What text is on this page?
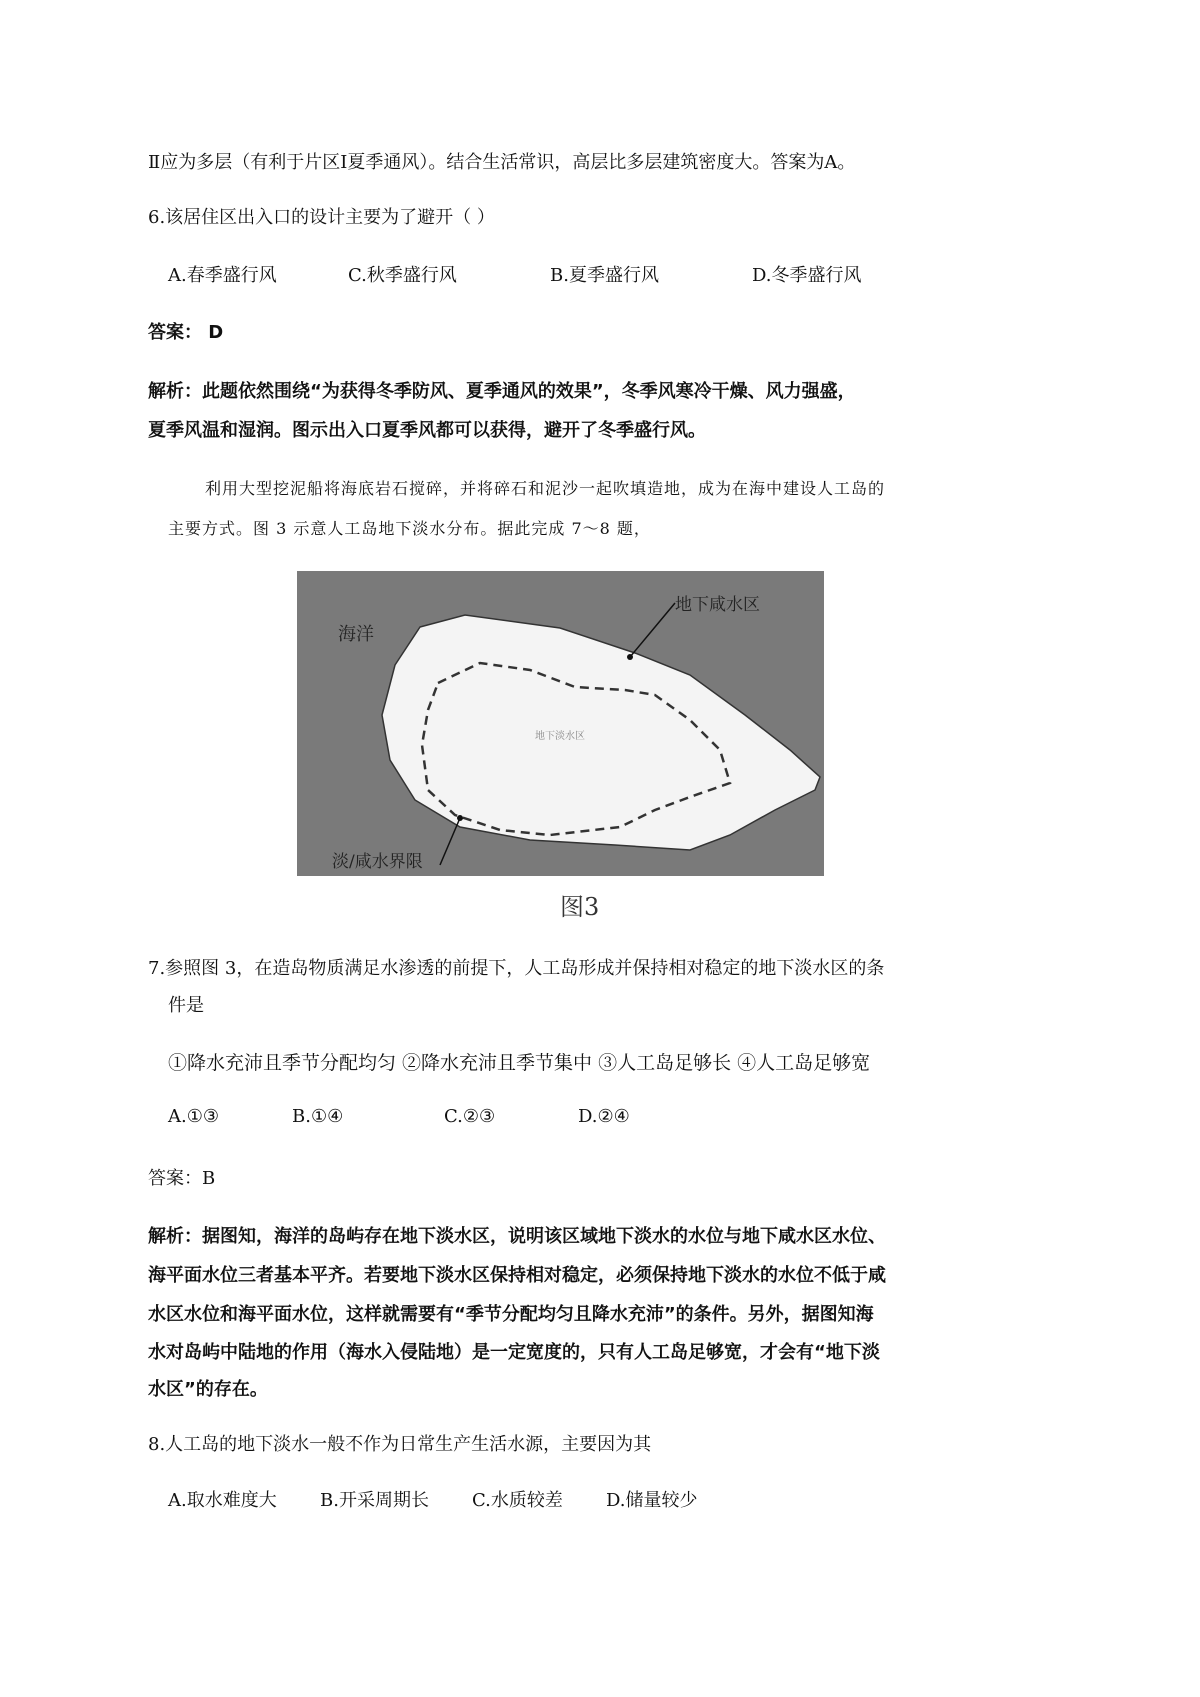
Ⅱ应为多层（有利于片区Ⅰ夏季通风）。结合生活常识，高层比多层建筑密度大。答案为A。
6.该居住区出入口的设计主要为了避开（ ）
A.春季盛行风	C.秋季盛行风	B.夏季盛行风	D.冬季盛行风
答案： D
解析：此题依然围绕“为获得冬季防风、夏季通风的效果”，冬季风寒冷干燥、风力强盛，
夏季风温和湿润。图示出入口夏季风都可以获得，避开了冬季盛行风。
利用大型挖泥船将海底岩石搅碎，并将碎石和泥沙一起吹填造地，成为在海中建设人工岛的
主要方式。图 3 示意人工岛地下淡水分布。据此完成 7～8 题，
海洋
地下咸水区
地下淡水区
淡/咸水界限
图3
7.参照图 3，在造岛物质满足水渗透的前提下，人工岛形成并保持相对稳定的地下淡水区的条
件是
①降水充沛且季节分配均匀 ②降水充沛且季节集中 ③人工岛足够长 ④人工岛足够宽
A.①③	B.①④	C.②③	D.②④
答案：B
解析：据图知，海洋的岛屿存在地下淡水区，说明该区域地下淡水的水位与地下咸水区水位、
海平面水位三者基本平齐。若要地下淡水区保持相对稳定，必须保持地下淡水的水位不低于咸
水区水位和海平面水位，这样就需要有“季节分配均匀且降水充沛”的条件。另外，据图知海
水对岛屿中陆地的作用（海水入侵陆地）是一定宽度的，只有人工岛足够宽，才会有“地下淡
水区”的存在。
8.人工岛的地下淡水一般不作为日常生产生活水源，主要因为其
A.取水难度大 B.开采周期长 C.水质较差 D.储量较少
